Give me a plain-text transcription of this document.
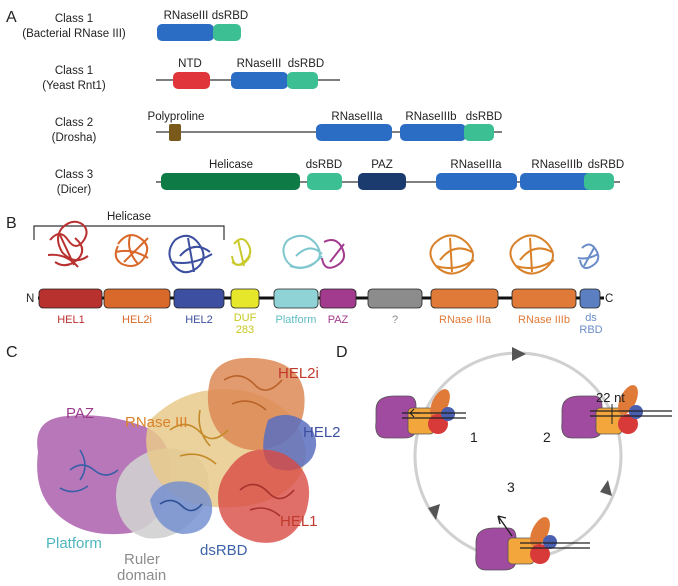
A	Class 1
(Bacterial RNase III)
RNaseIII dsRBD
Class 1
(Yeast Rnt1)
NTD	RNaseIII dsRBD
Class 2
(Drosha)
Polyproline	RNaseIIIa RNaseIIIb dsRBD
Class 3
(Dicer)
Helicase	dsRBD	PAZ	RNaseIIIa	RNaseIIIb dsRBD
B	Helicase
N	C
HEL1	HEL2i	HEL2 DUF
283
Platform PAZ	?	RNase IIIa RNase IIIb ds
RBD
C
HEL2i
HEL2
HEL1
RNase III
PAZ
Platform
Ruler
domain
dsRBD
D
1	2
22 nt
3
